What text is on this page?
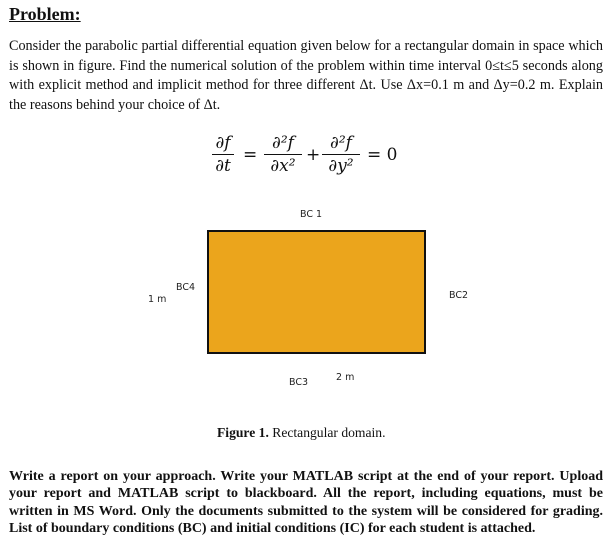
Problem:
Consider the parabolic partial differential equation given below for a rectangular domain in space which is shown in figure. Find the numerical solution of the problem within time interval 0≤t≤5 seconds along with explicit method and implicit method for three different Δt. Use Δx=0.1 m and Δy=0.2 m. Explain the reasons behind your choice of Δt.
∂f
∂t
=
∂²f
∂x²
+
∂²f
∂y²
= 0
BC 1
BC4
1 m	BC2
2 m
BC3
Figure 1. Rectangular domain.
Write a report on your approach. Write your MATLAB script at the end of your report. Upload your report and MATLAB script to blackboard. All the report, including equations, must be written in MS Word. Only the documents submitted to the system will be considered for grading. List of boundary conditions (BC) and initial conditions (IC) for each student is attached.
